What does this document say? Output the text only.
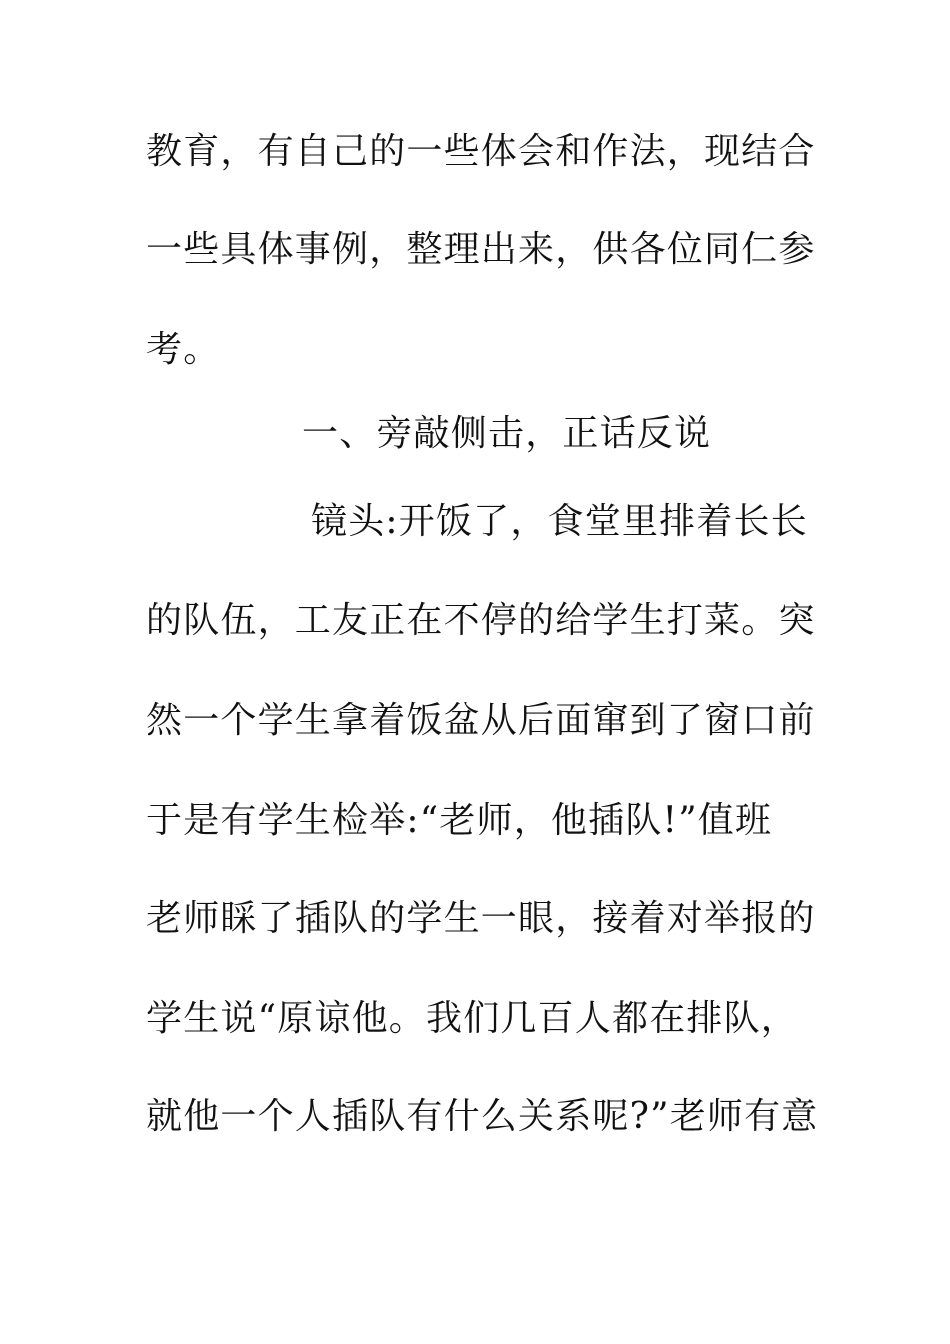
教育，有自己的一些体会和作法，现结合
一些具体事例，整理出来，供各位同仁参
考。
一、旁敲侧击，正话反说
镜头:开饭了，食堂里排着长长
的队伍，工友正在不停的给学生打菜。突
然一个学生拿着饭盆从后面窜到了窗口前
于是有学生检举:“老师，他插队!”值班
老师睬了插队的学生一眼，接着对举报的
学生说“原谅他。我们几百人都在排队，
就他一个人插队有什么关系呢?”老师有意
